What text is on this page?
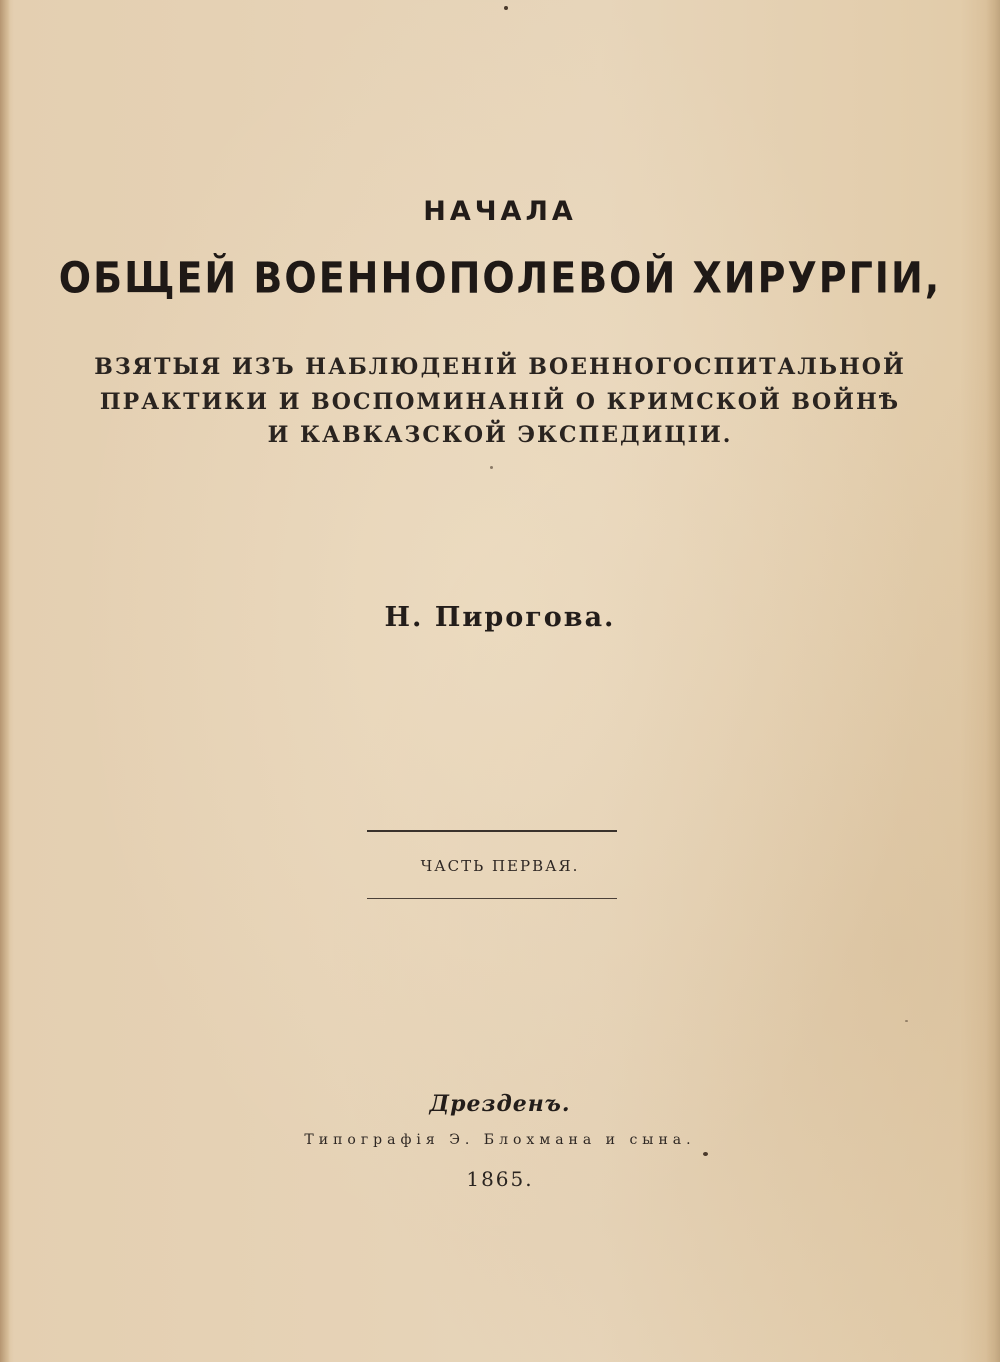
НАЧАЛА
ОБЩЕЙ ВОЕННОПОЛЕВОЙ ХИРУРГIИ,
ВЗЯТЫЯ ИЗЪ НАБЛЮДЕНIЙ ВОЕННОГОСПИТАЛЬНОЙ
ПРАКТИКИ И ВОСПОМИНАНIЙ О КРИМСКОЙ ВОЙНѢ
И КАВКАЗСКОЙ ЭКСПЕДИЦIИ.
Н. Пирогова.
ЧАСТЬ ПЕРВАЯ.
Дрезденъ.
Типографiя Э. Блохмана и сына.
1865.
